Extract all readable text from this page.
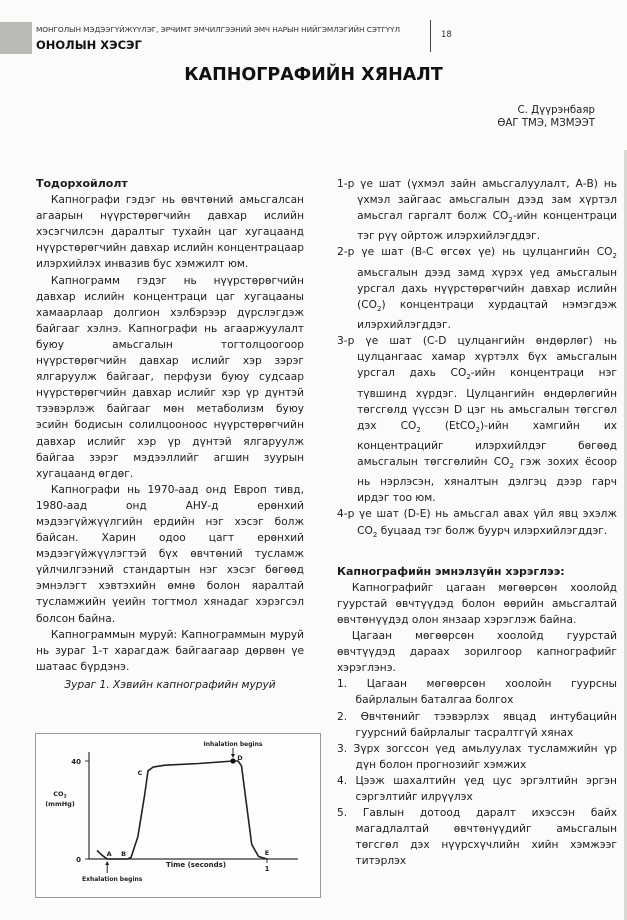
МОНГОЛЫН МЭДЭЭГҮЙЖҮҮЛЭГ, ЭРЧИМТ ЭМЧИЛГЭЭНИЙ ЭМЧ НАРЫН НИЙГЭМЛЭГИЙН СЭТГҮҮЛ
ОНОЛЫН ХЭСЭГ
18
КАПНОГРАФИЙН ХЯНАЛТ
С. Дүүрэнбаяр
ӨАГ ТМЭ, МЗМЭЭТ

Тодорхойлолт

Капнографи гэдэг нь өвчтөний амьсгалсан агаарын нүүрстөрөгчийн давхар ислийн хэсэгчилсэн даралтыг тухайн цаг хугацаанд нүүрстөрөгчийн давхар ислийн концентрацаар илэрхийлэх инвазив бус хэмжилт юм.

Капнограмм гэдэг нь нүүрстөрөгчийн давхар ислийн концентраци цаг хугацааны хамаарлаар долгион хэлбэрээр дүрслэгдэж байгааг хэлнэ. Капнографи нь агааржуулалт буюу амьсгалын тогтолцоогоор нүүрстөрөгчийн давхар ислийг хэр зэрэг ялгаруулж байгааг, перфузи буюу судсаар нүүрстөрөгчийн давхар ислийг хэр үр дүнтэй тээвэрлэж байгааг мөн метаболизм буюу эсийн бодисын солилцооноос нүүрстөрөгчийн давхар ислийг хэр үр дүнтэй ялгаруулж байгаа зэрэг мэдээллийг агшин зуурын хугацаанд өгдөг.

Капнографи нь 1970-аад онд Европ тивд, 1980-аад онд АНУ-д ерөнхий мэдээгүйжүүлгийн ердийн нэг хэсэг болж байсан. Харин одоо цагт ерөнхий мэдээгүйжүүлэгтэй бүх өвчтөний тусламж үйлчилгээний стандартын нэг хэсэг бөгөөд эмнэлэгт хэвтэхийн өмнө болон яаралтай тусламжийн үеийн тогтмол хянадаг хэрэгсэл болсон байна.

Капнограммын муруй: Капнограммын муруй нь зураг 1-т харагдаж байгаагаар дөрвөн үе шатаас бүрдэнэ.

Зураг 1. Хэвийн капнографийн муруй

0
40
1
$CO_2$
(mmHg)
Time (seconds)
A B
C
D
E
Inhalation begins
Exhalation begins

1-р үе шат (үхмэл зайн амьсгалуулалт, А-В) нь үхмэл зайгаас амьсгалын дээд зам хүртэл амьсгал гаргалт болж $СО_2$-ийн концентраци тэг рүү ойртож илэрхийлэгддэг.

2-р үе шат (В-С өгсөх үе) нь цулцангийн $СО_2$ амьсгалын дээд замд хүрэх үед амьсгалын урсгал дахь нүүрстөрөгчийн давхар ислийн $(СО_2)$ концентраци хурдацтай нэмэгдэж илэрхийлэгддэг.

3-р үе шат (С-D цулцангийн өндөрлөг) нь цулцангаас хамар хүртэлх бүх амьсгалын урсгал дахь $СО_2$-ийн концентраци нэг түвшинд хүрдэг. Цулцангийн өндөрлөгийн төгсгөлд үүссэн D цэг нь амьсгалын төгсгөл дэх $СО_2$ (EtCO$_2$)-ийн хамгийн их концентрацийг илэрхийлдэг бөгөөд амьсгалын төгсгөлийн $СО_2$ гэж зохих ёсоор нь нэрлэсэн, хяналтын дэлгэц дээр гарч ирдэг тоо юм.

4-р үе шат (D-E) нь амьсгал авах үйл явц эхэлж $СО_2$ буцаад тэг болж буурч илэрхийлэгддэг.

Капнографийн эмнэлзүйн хэрэглээ:

Капнографийг цагаан мөгөөрсөн хоолойд гуурстай өвчтүүдэд болон өөрийн амьсгалтай өвчтөнүүдэд олон янзаар хэрэглэж байна.

Цагаан мөгөөрсөн хоолойд гуурстай өвчтүүдэд дараах зорилгоор капнографийг хэрэглэнэ.

1. Цагаан мөгөөрсөн хоолойн гуурсны байрлалын баталгаа болгох
2. Өвчтөнийг тээвэрлэх явцад интубацийн гуурсний байрлалыг тасралтгүй хянах
3. Зүрх зогссон үед амьлуулах тусламжийн үр дүн болон прогнозийг хэмжих
4. Цээж шахалтийн үед цус эргэлтийн эргэн сэргэлтийг илрүүлэх
5. Гавлын дотоод даралт ихэссэн байх магадлалтай өвчтөнүүдийг амьсгалын төгсгөл дэх нүүрсхүчлийн хийн хэмжээг титэрлэх
